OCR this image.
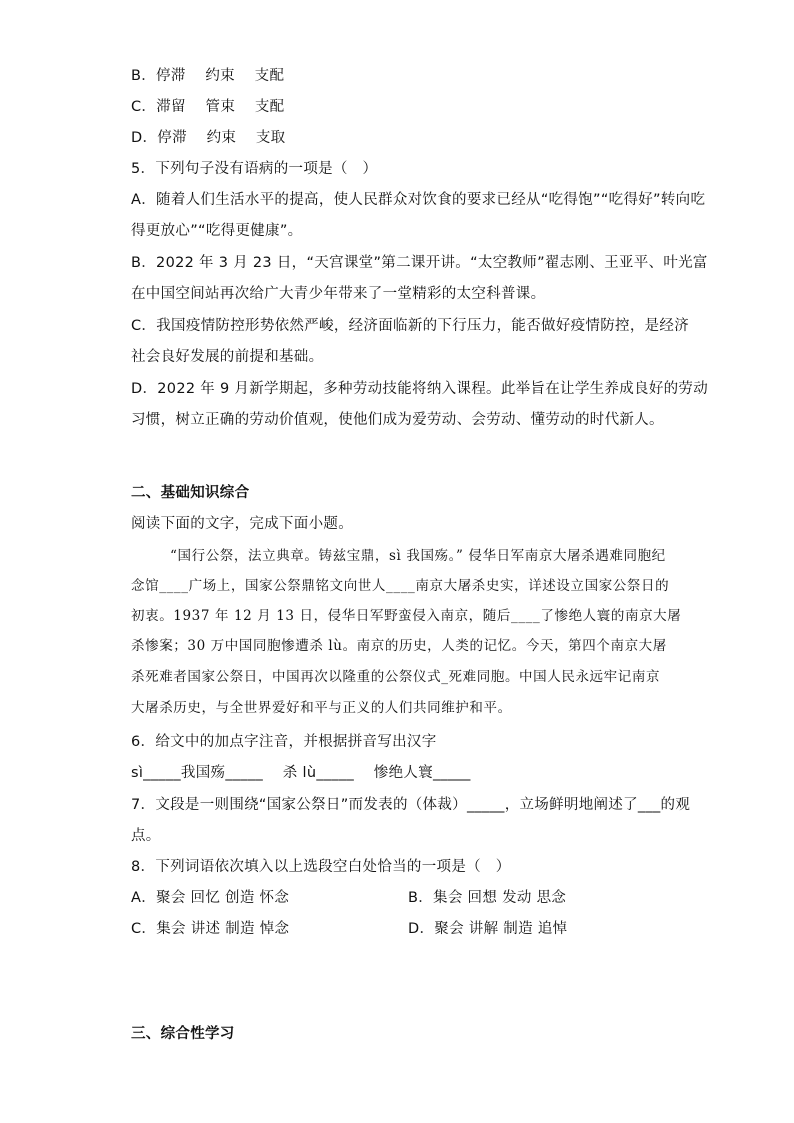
B．停滞　 约束　 支配
C．滞留　 管束　 支配
D．停滞　 约束　 支取
5．下列句子没有语病的一项是（　）
A．随着人们生活水平的提高，使人民群众对饮食的要求已经从“吃得饱”“吃得好”转向吃
得更放心”“吃得更健康”。
B．2022 年 3 月 23 日，“天宫课堂”第二课开讲。“太空教师”翟志刚、王亚平、叶光富
在中国空间站再次给广大青少年带来了一堂精彩的太空科普课。
C．我国疫情防控形势依然严峻，经济面临新的下行压力，能否做好疫情防控，是经济
社会良好发展的前提和基础。
D．2022 年 9 月新学期起，多种劳动技能将纳入课程。此举旨在让学生养成良好的劳动
习惯，树立正确的劳动价值观，使他们成为爱劳动、会劳动、懂劳动的时代新人。
二、基础知识综合
阅读下面的文字，完成下面小题。
“国行公祭，法立典章。铸兹宝鼎，sì 我国殇。” 侵华日军南京大屠杀遇难同胞纪
念馆____广场上，国家公祭鼎铭文向世人____南京大屠杀史实，详述设立国家公祭日的
初衷。1937 年 12 月 13 日，侵华日军野蛮侵入南京，随后____了惨绝人寰的南京大屠
杀惨案；30 万中国同胞惨遭杀 lù。南京的历史，人类的记忆。今天，第四个南京大屠
杀死难者国家公祭日，中国再次以隆重的公祭仪式_死难同胞。中国人民永远牢记南京
大屠杀历史，与全世界爱好和平与正义的人们共同维护和平。
6．给文中的加点字注音，并根据拼音写出汉字
sì_____我国殇_____　 杀 lù_____　 惨绝人寰_____
7．文段是一则围绕“国家公祭日”而发表的（体裁）_____，立场鲜明地阐述了___的观
点。
8．下列词语依次填入以上选段空白处恰当的一项是（　）
A．聚会 回忆 创造 怀念	B．集会 回想 发动 思念
C．集会 讲述 制造 悼念	D．聚会 讲解 制造 追悼
三、综合性学习
